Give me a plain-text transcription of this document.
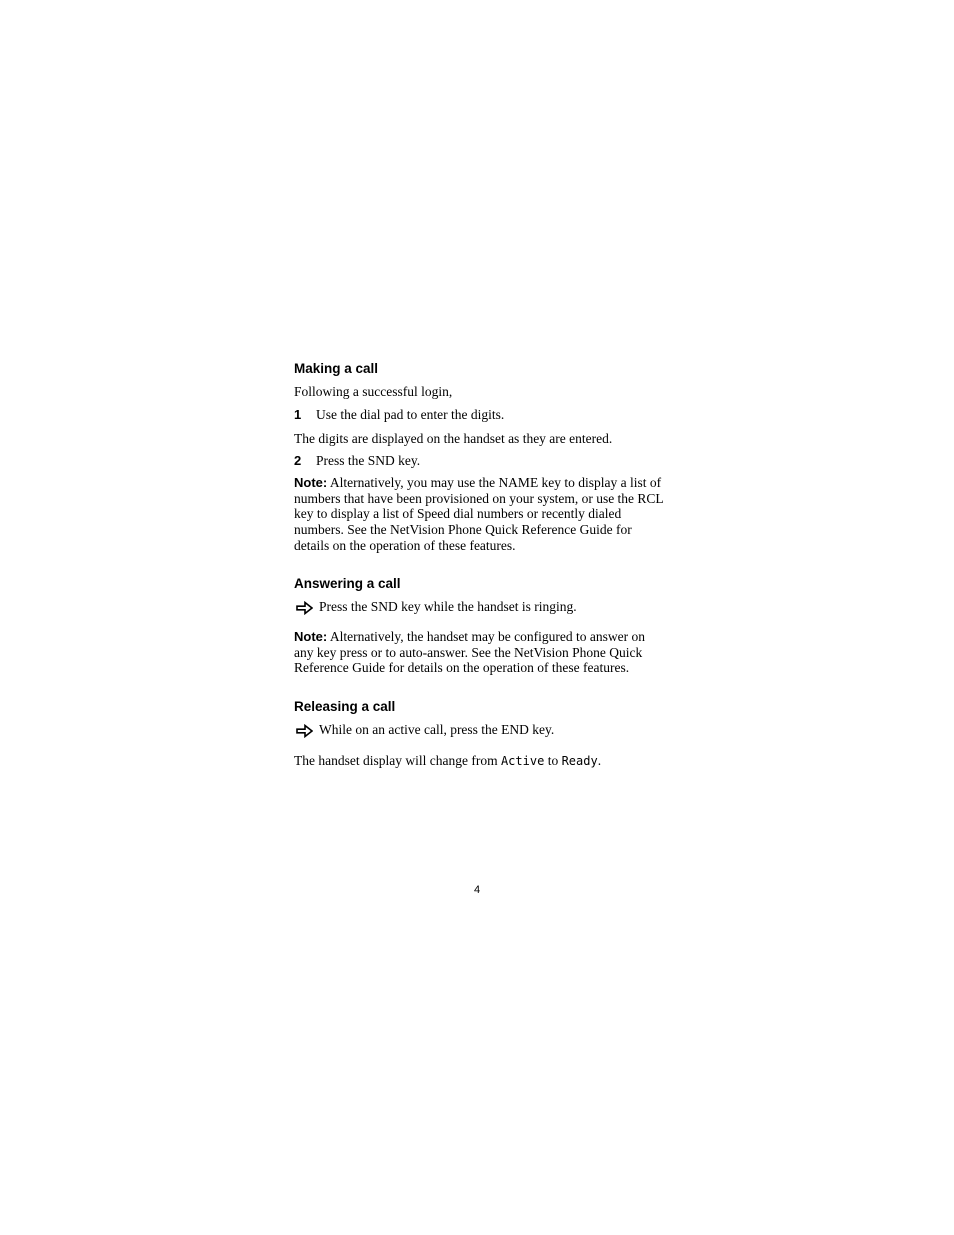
Making a call

Following a successful login,

1	Use the dial pad to enter the digits.

The digits are displayed on the handset as they are entered.

2	Press the SND key.

Note: Alternatively, you may use the NAME key to display a list of numbers that have been provisioned on your system, or use the RCL key to display a list of Speed dial numbers or recently dialed numbers. See the NetVision Phone Quick Reference Guide for details on the operation of these features.

Answering a call

Press the SND key while the handset is ringing.

Note: Alternatively, the handset may be configured to answer on any key press or to auto-answer. See the NetVision Phone Quick Reference Guide for details on the operation of these features.

Releasing a call

While on an active call, press the END key.

The handset display will change from Active to Ready.

4
